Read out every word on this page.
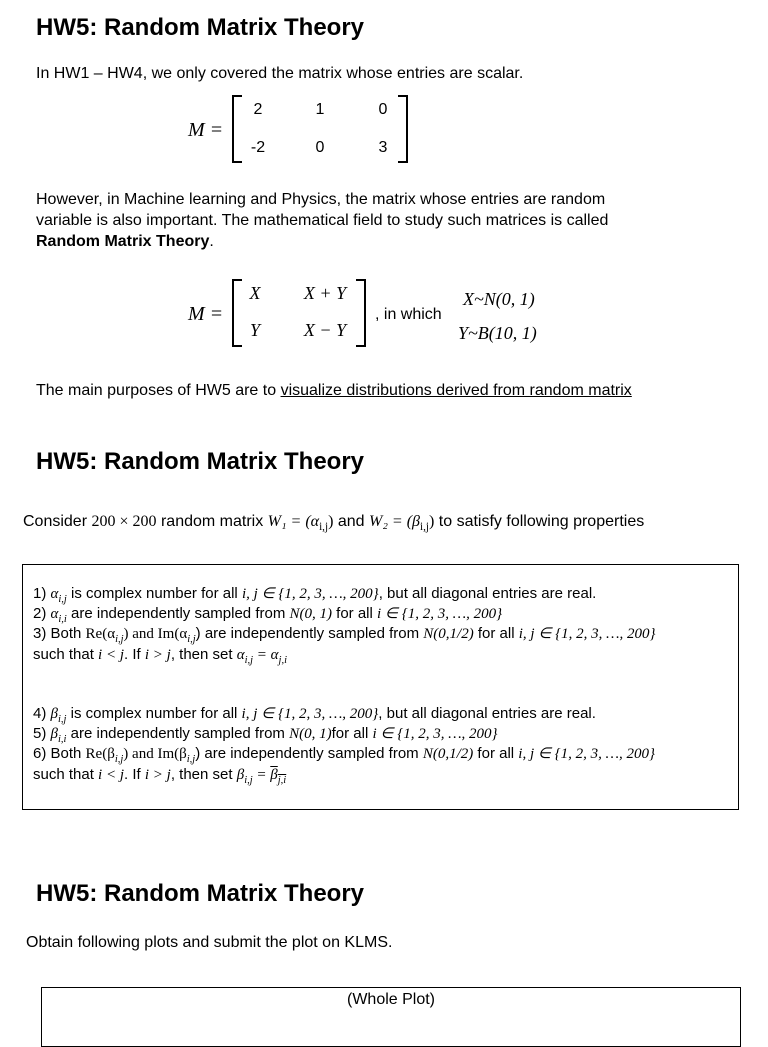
HW5: Random Matrix Theory
In HW1 – HW4, we only covered the matrix whose entries are scalar.
M =
2	1	0
-2	0	3
However, in Machine learning and Physics, the matrix whose entries are random
variable is also important. The mathematical field to study such matrices is called
Random Matrix Theory.
M =
X	X + Y
Y	X − Y
, in which
X~N(0, 1)
Y~B(10, 1)
The main purposes of HW5 are to visualize distributions derived from random matrix
HW5: Random Matrix Theory
Consider 200 × 200 random matrix $W_1 = (\alpha_{i,j})$ and $W_2 = (\beta_{i,j})$ to satisfy following properties
1) $\alpha_{i,j}$ is complex number for all i, j ∈ {1, 2, 3, …, 200}, but all diagonal entries are real.
2) $\alpha_{i,i}$ are independently sampled from N(0, 1) for all i ∈ {1, 2, 3, …, 200}
3) Both $Re(\alpha_{i,j})$ and $Im(\alpha_{i,j})$ are independently sampled from N(0,1/2) for all i, j ∈ {1, 2, 3, …, 200}
such that i < j. If i > j, then set $\alpha_{i,j} = \alpha_{j,i}$
4) $\beta_{i,j}$ is complex number for all i, j ∈ {1, 2, 3, …, 200}, but all diagonal entries are real.
5) $\beta_{i,i}$ are independently sampled from N(0, 1)for all i ∈ {1, 2, 3, …, 200}
6) Both $Re(\beta_{i,j})$ and $Im(\beta_{i,j})$ are independently sampled from N(0,1/2) for all i, j ∈ {1, 2, 3, …, 200}
such that i < j. If i > j, then set $\beta_{i,j} = \beta_{j,i}$
HW5: Random Matrix Theory
Obtain following plots and submit the plot on KLMS.
(Whole Plot)
